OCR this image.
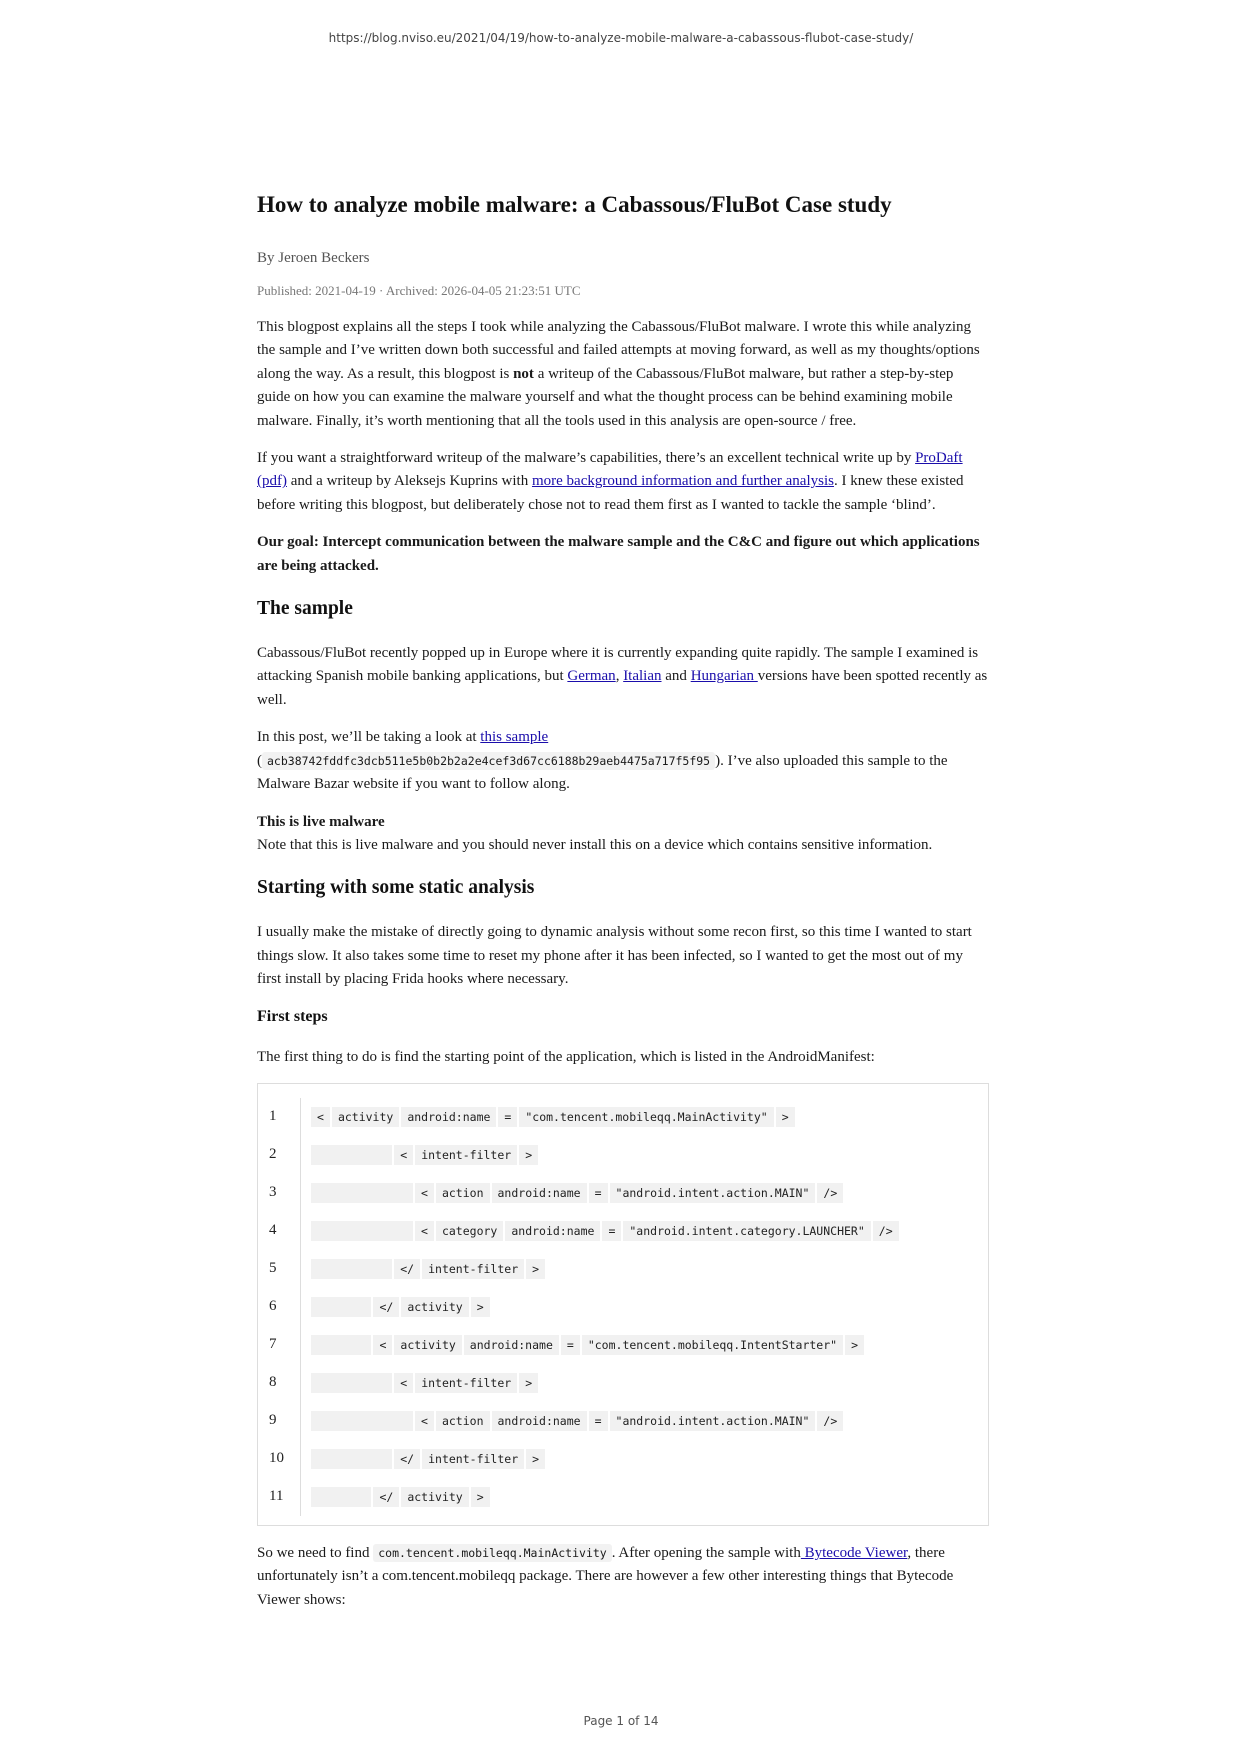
https://blog.nviso.eu/2021/04/19/how-to-analyze-mobile-malware-a-cabassous-flubot-case-study/
How to analyze mobile malware: a Cabassous/FluBot Case study
By Jeroen Beckers
Published: 2021-04-19 · Archived: 2026-04-05 21:23:51 UTC

This blogpost explains all the steps I took while analyzing the Cabassous/FluBot malware. I wrote this while analyzing the sample and I’ve written down both successful and failed attempts at moving forward, as well as my thoughts/options along the way. As a result, this blogpost is not a writeup of the Cabassous/FluBot malware, but rather a step-by-step guide on how you can examine the malware yourself and what the thought process can be behind examining mobile malware. Finally, it’s worth mentioning that all the tools used in this analysis are open-source / free.

If you want a straightforward writeup of the malware’s capabilities, there’s an excellent technical write up by ProDaft (pdf) and a writeup by Aleksejs Kuprins with more background information and further analysis. I knew these existed before writing this blogpost, but deliberately chose not to read them first as I wanted to tackle the sample ‘blind’.

Our goal: Intercept communication between the malware sample and the C&C and figure out which applications are being attacked.

The sample

Cabassous/FluBot recently popped up in Europe where it is currently expanding quite rapidly. The sample I examined is attacking Spanish mobile banking applications, but German, Italian and Hungarian versions have been spotted recently as well.

In this post, we’ll be taking a look at this sample
( acb38742fddfc3dcb511e5b0b2b2a2e4cef3d67cc6188b29aeb4475a717f5f95 ). I’ve also uploaded this sample to the Malware Bazar website if you want to follow along.

This is live malware
Note that this is live malware and you should never install this on a device which contains sensitive information.

Starting with some static analysis

I usually make the mistake of directly going to dynamic analysis without some recon first, so this time I wanted to start things slow. It also takes some time to reset my phone after it has been infected, so I wanted to get the most out of my first install by placing Frida hooks where necessary.

First steps

The first thing to do is find the starting point of the application, which is listed in the AndroidManifest:

1	<	activity	android:name	=	"com.tencent.mobileqq.MainActivity"	>
2
	<	intent-filter	>
3
	<	action	android:name	=	"android.intent.action.MAIN"	/>
4
	<	category	android:name	=	"android.intent.category.LAUNCHER"	/>
5
	</	intent-filter	>
6
	</	activity	>
7
	<	activity	android:name	=	"com.tencent.mobileqq.IntentStarter"	>
8
	<	intent-filter	>
9
	<	action	android:name	=	"android.intent.action.MAIN"	/>
10
	</	intent-filter	>
11
	</	activity	>

So we need to find com.tencent.mobileqq.MainActivity . After opening the sample with Bytecode Viewer, there unfortunately isn’t a com.tencent.mobileqq package. There are however a few other interesting things that Bytecode Viewer shows:

Page 1 of 14
